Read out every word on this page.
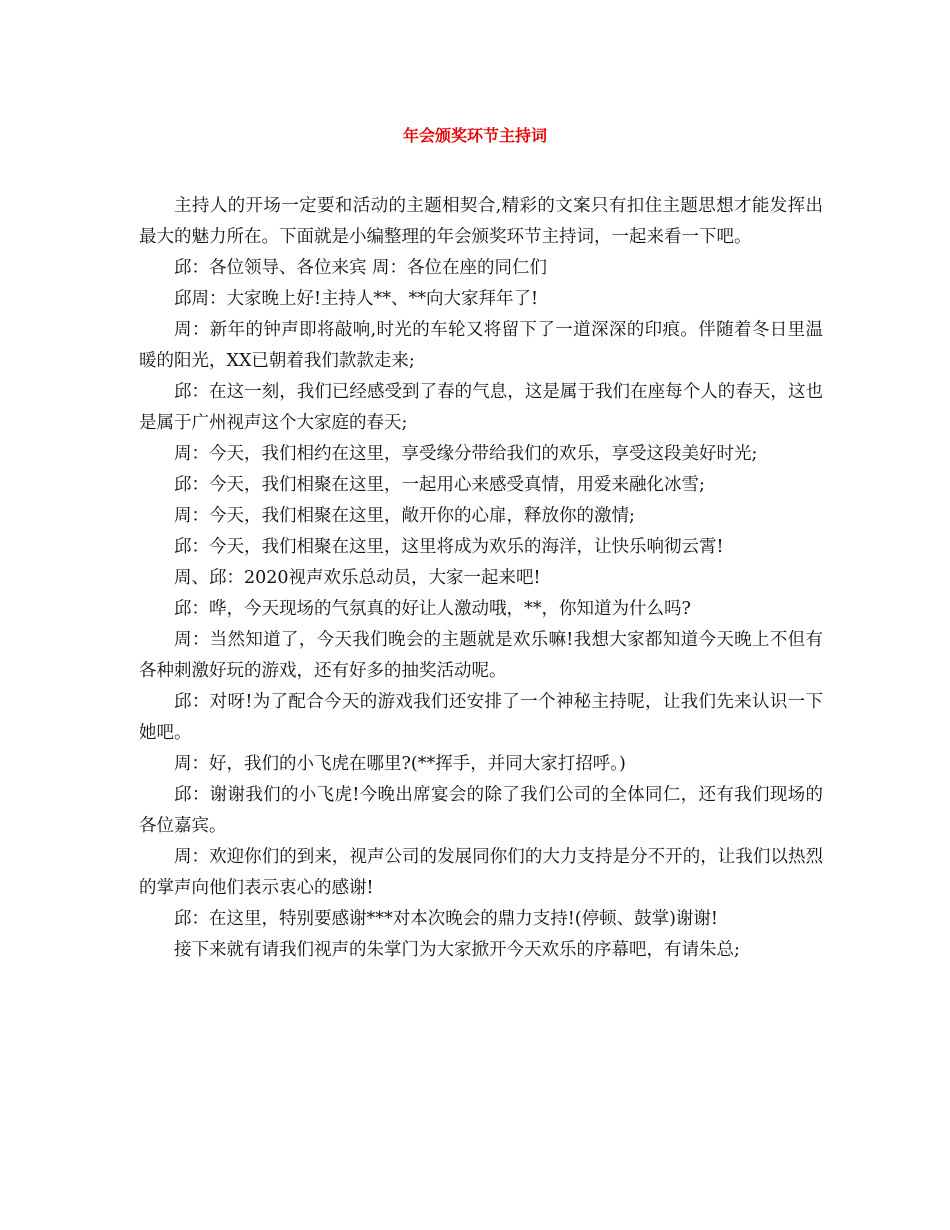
年会颁奖环节主持词

主持人的开场一定要和活动的主题相契合,精彩的文案只有扣住主题思想才能发挥出最大的魅力所在。下面就是小编整理的年会颁奖环节主持词，一起来看一下吧。

邱：各位领导、各位来宾 周：各位在座的同仁们

邱周：大家晚上好!主持人**、**向大家拜年了!

周：新年的钟声即将敲响,时光的车轮又将留下了一道深深的印痕。伴随着冬日里温暖的阳光，XX已朝着我们款款走来;

邱：在这一刻，我们已经感受到了春的气息，这是属于我们在座每个人的春天，这也是属于广州视声这个大家庭的春天;

周：今天，我们相约在这里，享受缘分带给我们的欢乐，享受这段美好时光;

邱：今天，我们相聚在这里，一起用心来感受真情，用爱来融化冰雪;

周：今天，我们相聚在这里，敞开你的心扉，释放你的激情;

邱：今天，我们相聚在这里，这里将成为欢乐的海洋，让快乐响彻云霄!

周、邱：2020视声欢乐总动员，大家一起来吧!

邱：哗，今天现场的气氛真的好让人激动哦，**，你知道为什么吗?

周：当然知道了，今天我们晚会的主题就是欢乐嘛!我想大家都知道今天晚上不但有各种刺激好玩的游戏，还有好多的抽奖活动呢。

邱：对呀!为了配合今天的游戏我们还安排了一个神秘主持呢，让我们先来认识一下她吧。

周：好，我们的小飞虎在哪里?(**挥手，并同大家打招呼。)

邱：谢谢我们的小飞虎!今晚出席宴会的除了我们公司的全体同仁，还有我们现场的各位嘉宾。

周：欢迎你们的到来，视声公司的发展同你们的大力支持是分不开的，让我们以热烈的掌声向他们表示衷心的感谢!

邱：在这里，特别要感谢***对本次晚会的鼎力支持!(停顿、鼓掌)谢谢!

接下来就有请我们视声的朱掌门为大家掀开今天欢乐的序幕吧，有请朱总;
